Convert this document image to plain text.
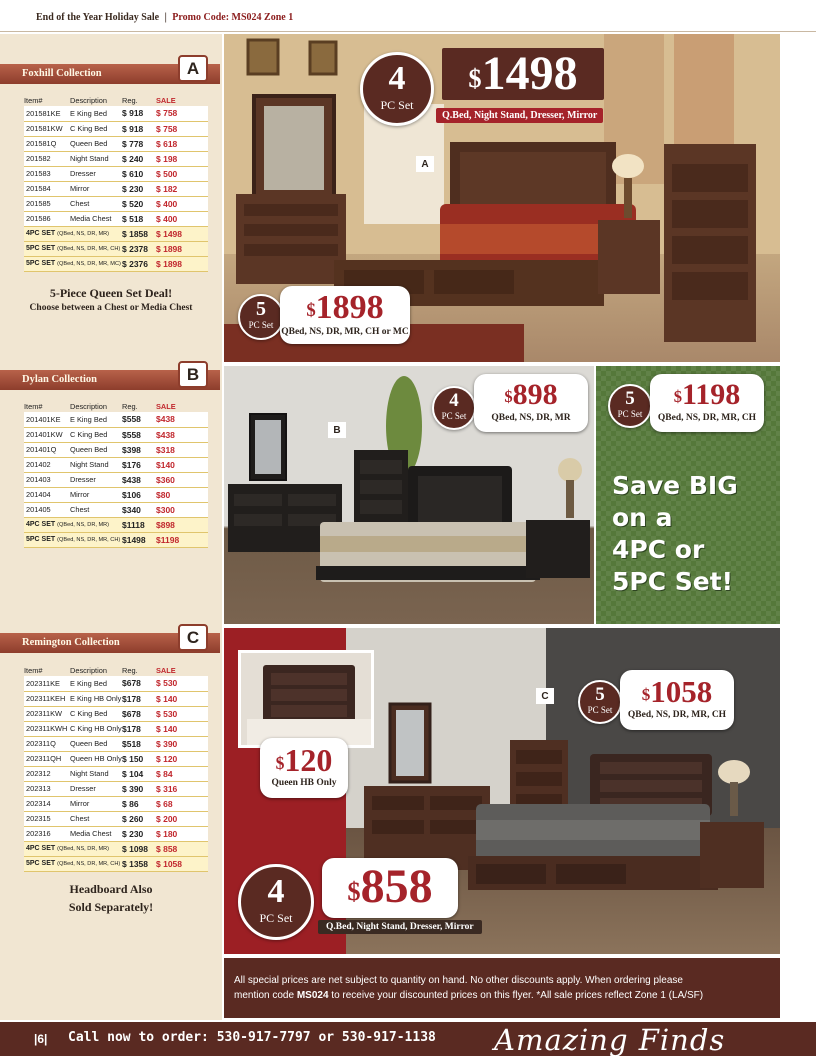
End of the Year Holiday Sale | Promo Code: MS024 Zone 1
Foxhill Collection	A
Item#	Description	Reg.	SALE
201581KE	E King Bed	$ 918	$ 758
201581KW	C King Bed	$ 918	$ 758
201581Q	Queen Bed	$ 778	$ 618
201582	Night Stand	$ 240	$ 198
201583	Dresser	$ 610	$ 500
201584	Mirror	$ 230	$ 182
201585	Chest	$ 520	$ 400
201586	Media Chest	$ 518	$ 400
4PC SET (QBed, NS, DR, MR)		$ 1858	$ 1498
5PC SET (QBed, NS, DR, MR, CH)		$ 2378	$ 1898
5PC SET (QBed, NS, DR, MR, MC)		$ 2376	$ 1898
5-Piece Queen Set Deal!
Choose between a Chest or Media Chest
Dylan Collection	B
Item#	Description	Reg.	SALE
201401KE	E King Bed	$558	$438
201401KW	C King Bed	$558	$438
201401Q	Queen Bed	$398	$318
201402	Night Stand	$176	$140
201403	Dresser	$438	$360
201404	Mirror	$106	$80
201405	Chest	$340	$300
4PC SET (QBed, NS, DR, MR)		$1118	$898
5PC SET (QBed, NS, DR, MR, CH)		$1498	$1198
Remington Collection	C
Item#	Description	Reg.	SALE
202311KE	E King Bed	$678	$ 530
202311KEH	E King HB Only	$178	$ 140
202311KW	C King Bed	$678	$ 530
202311KWH	C King HB Only	$178	$ 140
202311Q	Queen Bed	$518	$ 390
202311QH	Queen HB Only	$ 150	$ 120
202312	Night Stand	$ 104	$ 84
202313	Dresser	$ 390	$ 316
202314	Mirror	$ 86	$ 68
202315	Chest	$ 260	$ 200
202316	Media Chest	$ 230	$ 180
4PC SET (QBed, NS, DR, MR)		$ 1098	$ 858
5PC SET (QBed, NS, DR, MR, CH)		$ 1358	$ 1058
Headboard Also
Sold Separately!
A
4
PC Set
$1498
Q.Bed, Night Stand, Dresser, Mirror
5
PC Set
$1898
QBed, NS, DR, MR, CH or MC
B
4
PC Set
$898
QBed, NS, DR, MR
5
PC Set
$1198
QBed, NS, DR, MR, CH
Save BIG
on a
4PC or
5PC Set!
$120
Queen HB Only
C	5
PC Set
$1058
QBed, NS, DR, MR, CH
4
PC Set
$858
Q.Bed, Night Stand, Dresser, Mirror
All special prices are net subject to quantity on hand. No other discounts apply. When ordering please
mention code MS024 to receive your discounted prices on this flyer. *All sale prices reflect Zone 1 (LA/SF)
|6| Call now to order: 530-917-7797 or 530-917-1138 Amazing Finds
